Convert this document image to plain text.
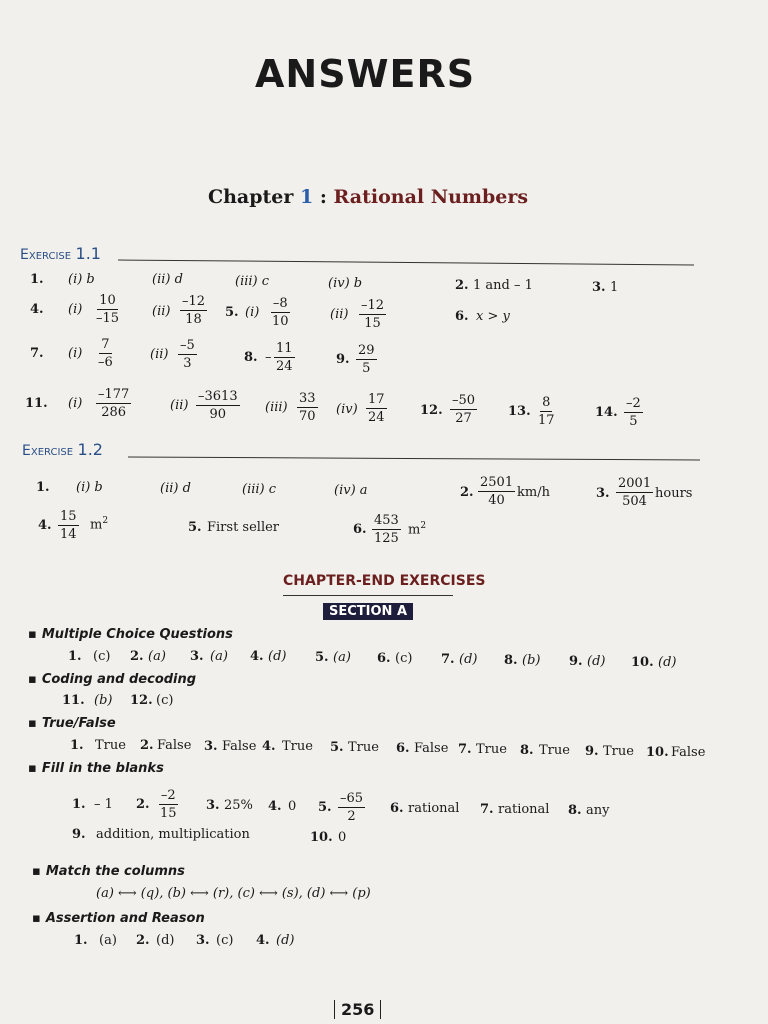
ANSWERS
Chapter 1 : Rational Numbers
Exercise 1.1
1. (i) b	(ii) d	(iii) c	(iv) b	2. 1 and – 1	3. 1
4. $(i) \frac{10}{-15} (ii) \frac{-12}{18} 5$. $(i) \frac{-8}{10}$	$(ii) \frac{-12}{15}$	6. x > y
7. $(i) \frac{7}{-6}$	$(ii) \frac{-5}{3}$	8. – $\frac{11}{24}$	9. $\frac{29}{5}$
11. $(i) \frac{-177}{286}$	$(ii) \frac{-3613}{90} (iii) \frac{33}{70} (iv) \frac{17}{24}$	12. $\frac{-50}{27} 13$. $\frac{8}{17}$	14. $\frac{-2}{5}$
Exercise 1.2
1. (i) b	(ii) d	(iii) c	(iv) a	2. $\frac{2501}{40} km/h$	3. $\frac{2001}{504}$ hours
4. $\frac{15}{14} m^2$	5. First seller	6. $\frac{453}{125} m^2$
CHAPTER-END EXERCISES
SECTION A
▪ Multiple Choice Questions
1. (c) 2. (a) 3. (a) 4. (d) 5. (a) 6. (c) 7. (d) 8. (b) 9. (d) 10. (d)
▪ Coding and decoding
11. (b) 12. (c)
▪ True/False
1. True 2. False 3. False 4. True 5. True 6. False 7. True 8. True 9. True 10. False
▪ Fill in the blanks
1. – 1 2. $\frac{-2}{15} 3$. 25% 4. 0 5. $\frac{-65}{2} 6$. rational 7. rational 8. any
9. addition, multiplication	10. 0
▪ Match the columns
(a) ⟷ (q), (b) ⟷ (r), (c) ⟷ (s), (d) ⟷ (p)
▪ Assertion and Reason
1. (a) 2. (d) 3. (c) 4. (d)
256
